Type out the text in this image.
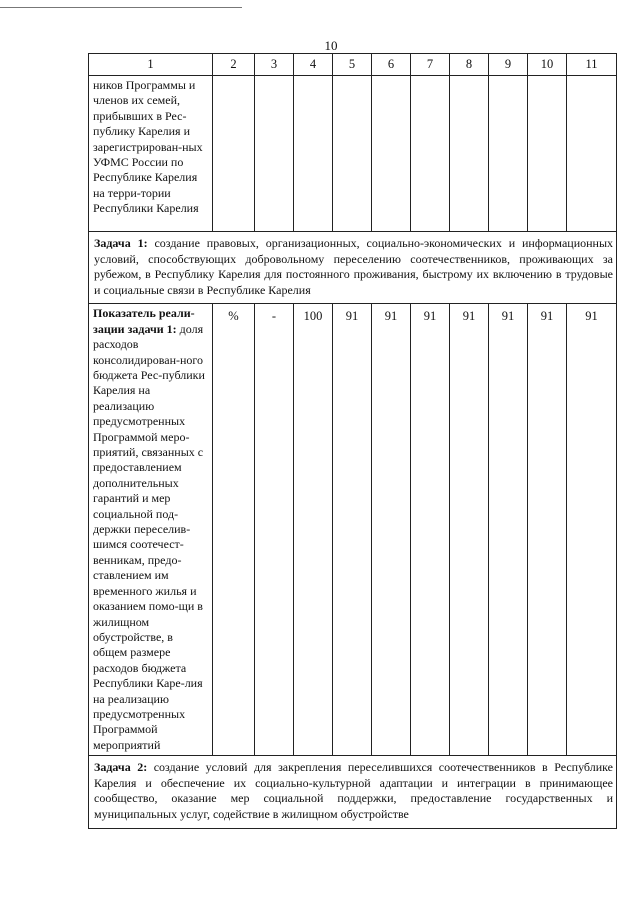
10
1	2	3	4	5	6	7	8	9	10	11
ников Программы и членов их семей, прибывших в Рес-публику Карелия и зарегистрирован-ных УФМС России по Республике Карелия на терри-тории Республики Карелия										
Задача 1: создание правовых, организационных, социально-экономических и информационных условий, способствующих добровольному переселению соотечественников, проживающих за рубежом, в Республику Карелия для постоянного проживания, быстрому их включению в трудовые и социальные связи в Республике Карелия										
Показатель реали-зации задачи 1: доля расходов консолидирован-ного бюджета Рес-публики Карелия на реализацию предусмотренных Программой меро-приятий, связанных с предоставлением дополнительных гарантий и мер социальной под-держки переселив-шимся соотечест-венникам, предо-ставлением им временного жилья и оказанием помо-щи в жилищном обустройстве, в общем размере расходов бюджета Республики Каре-лия на реализацию предусмотренных Программой мероприятий	%	-	100	91	91	91	91	91	91	91
Задача 2: создание условий для закрепления переселившихся соотечественников в Республике Карелия и обеспечение их социально-культурной адаптации и интеграции в принимающее сообщество, оказание мер социальной поддержки, предоставление государственных и муниципальных услуг, содействие в жилищном обустройстве										
